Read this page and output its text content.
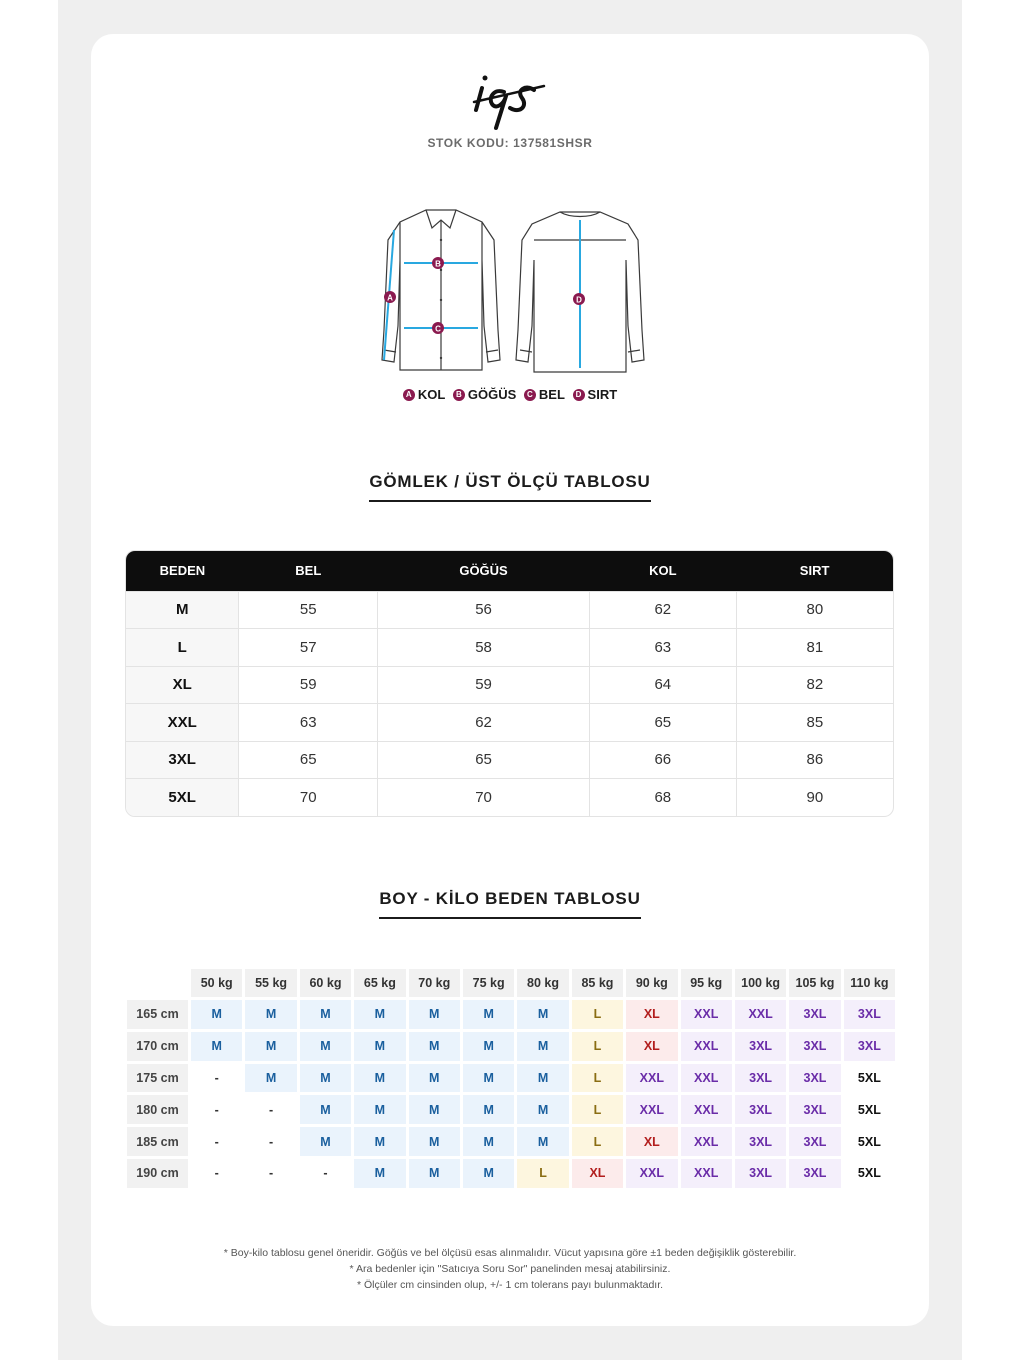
STOK KODU: 137581SHSR
B
C
A	D
A KOL
	B GÖĞÜS
	C BEL
	D SIRT
GÖMLEK / ÜST ÖLÇÜ TABLOSU
BEDEN	BEL	GÖĞÜS	KOL	SIRT
M	55	56	62	80
L	57	58	63	81
XL	59	59	64	82
XXL	63	62	65	85
3XL	65	65	66	86
5XL	70	70	68	90
BOY - KİLO BEDEN TABLOSU
	50 kg	55 kg	60 kg	65 kg	70 kg	75 kg	80 kg	85 kg	90 kg	95 kg	100 kg	105 kg	110 kg
165 cm	M	M	M	M	M	M	M	L	XL	XXL	XXL	3XL	3XL
170 cm	M	M	M	M	M	M	M	L	XL	XXL	3XL	3XL	3XL
175 cm	-	M	M	M	M	M	M	L	XXL	XXL	3XL	3XL	5XL
180 cm	-	-	M	M	M	M	M	L	XXL	XXL	3XL	3XL	5XL
185 cm	-	-	M	M	M	M	M	L	XL	XXL	3XL	3XL	5XL
190 cm	-	-	-	M	M	M	L	XL	XXL	XXL	3XL	3XL	5XL
* Boy-kilo tablosu genel öneridir. Göğüs ve bel ölçüsü esas alınmalıdır. Vücut yapısına göre ±1 beden değişiklik gösterebilir.
* Ara bedenler için "Satıcıya Soru Sor" panelinden mesaj atabilirsiniz.
* Ölçüler cm cinsinden olup, +/- 1 cm tolerans payı bulunmaktadır.
